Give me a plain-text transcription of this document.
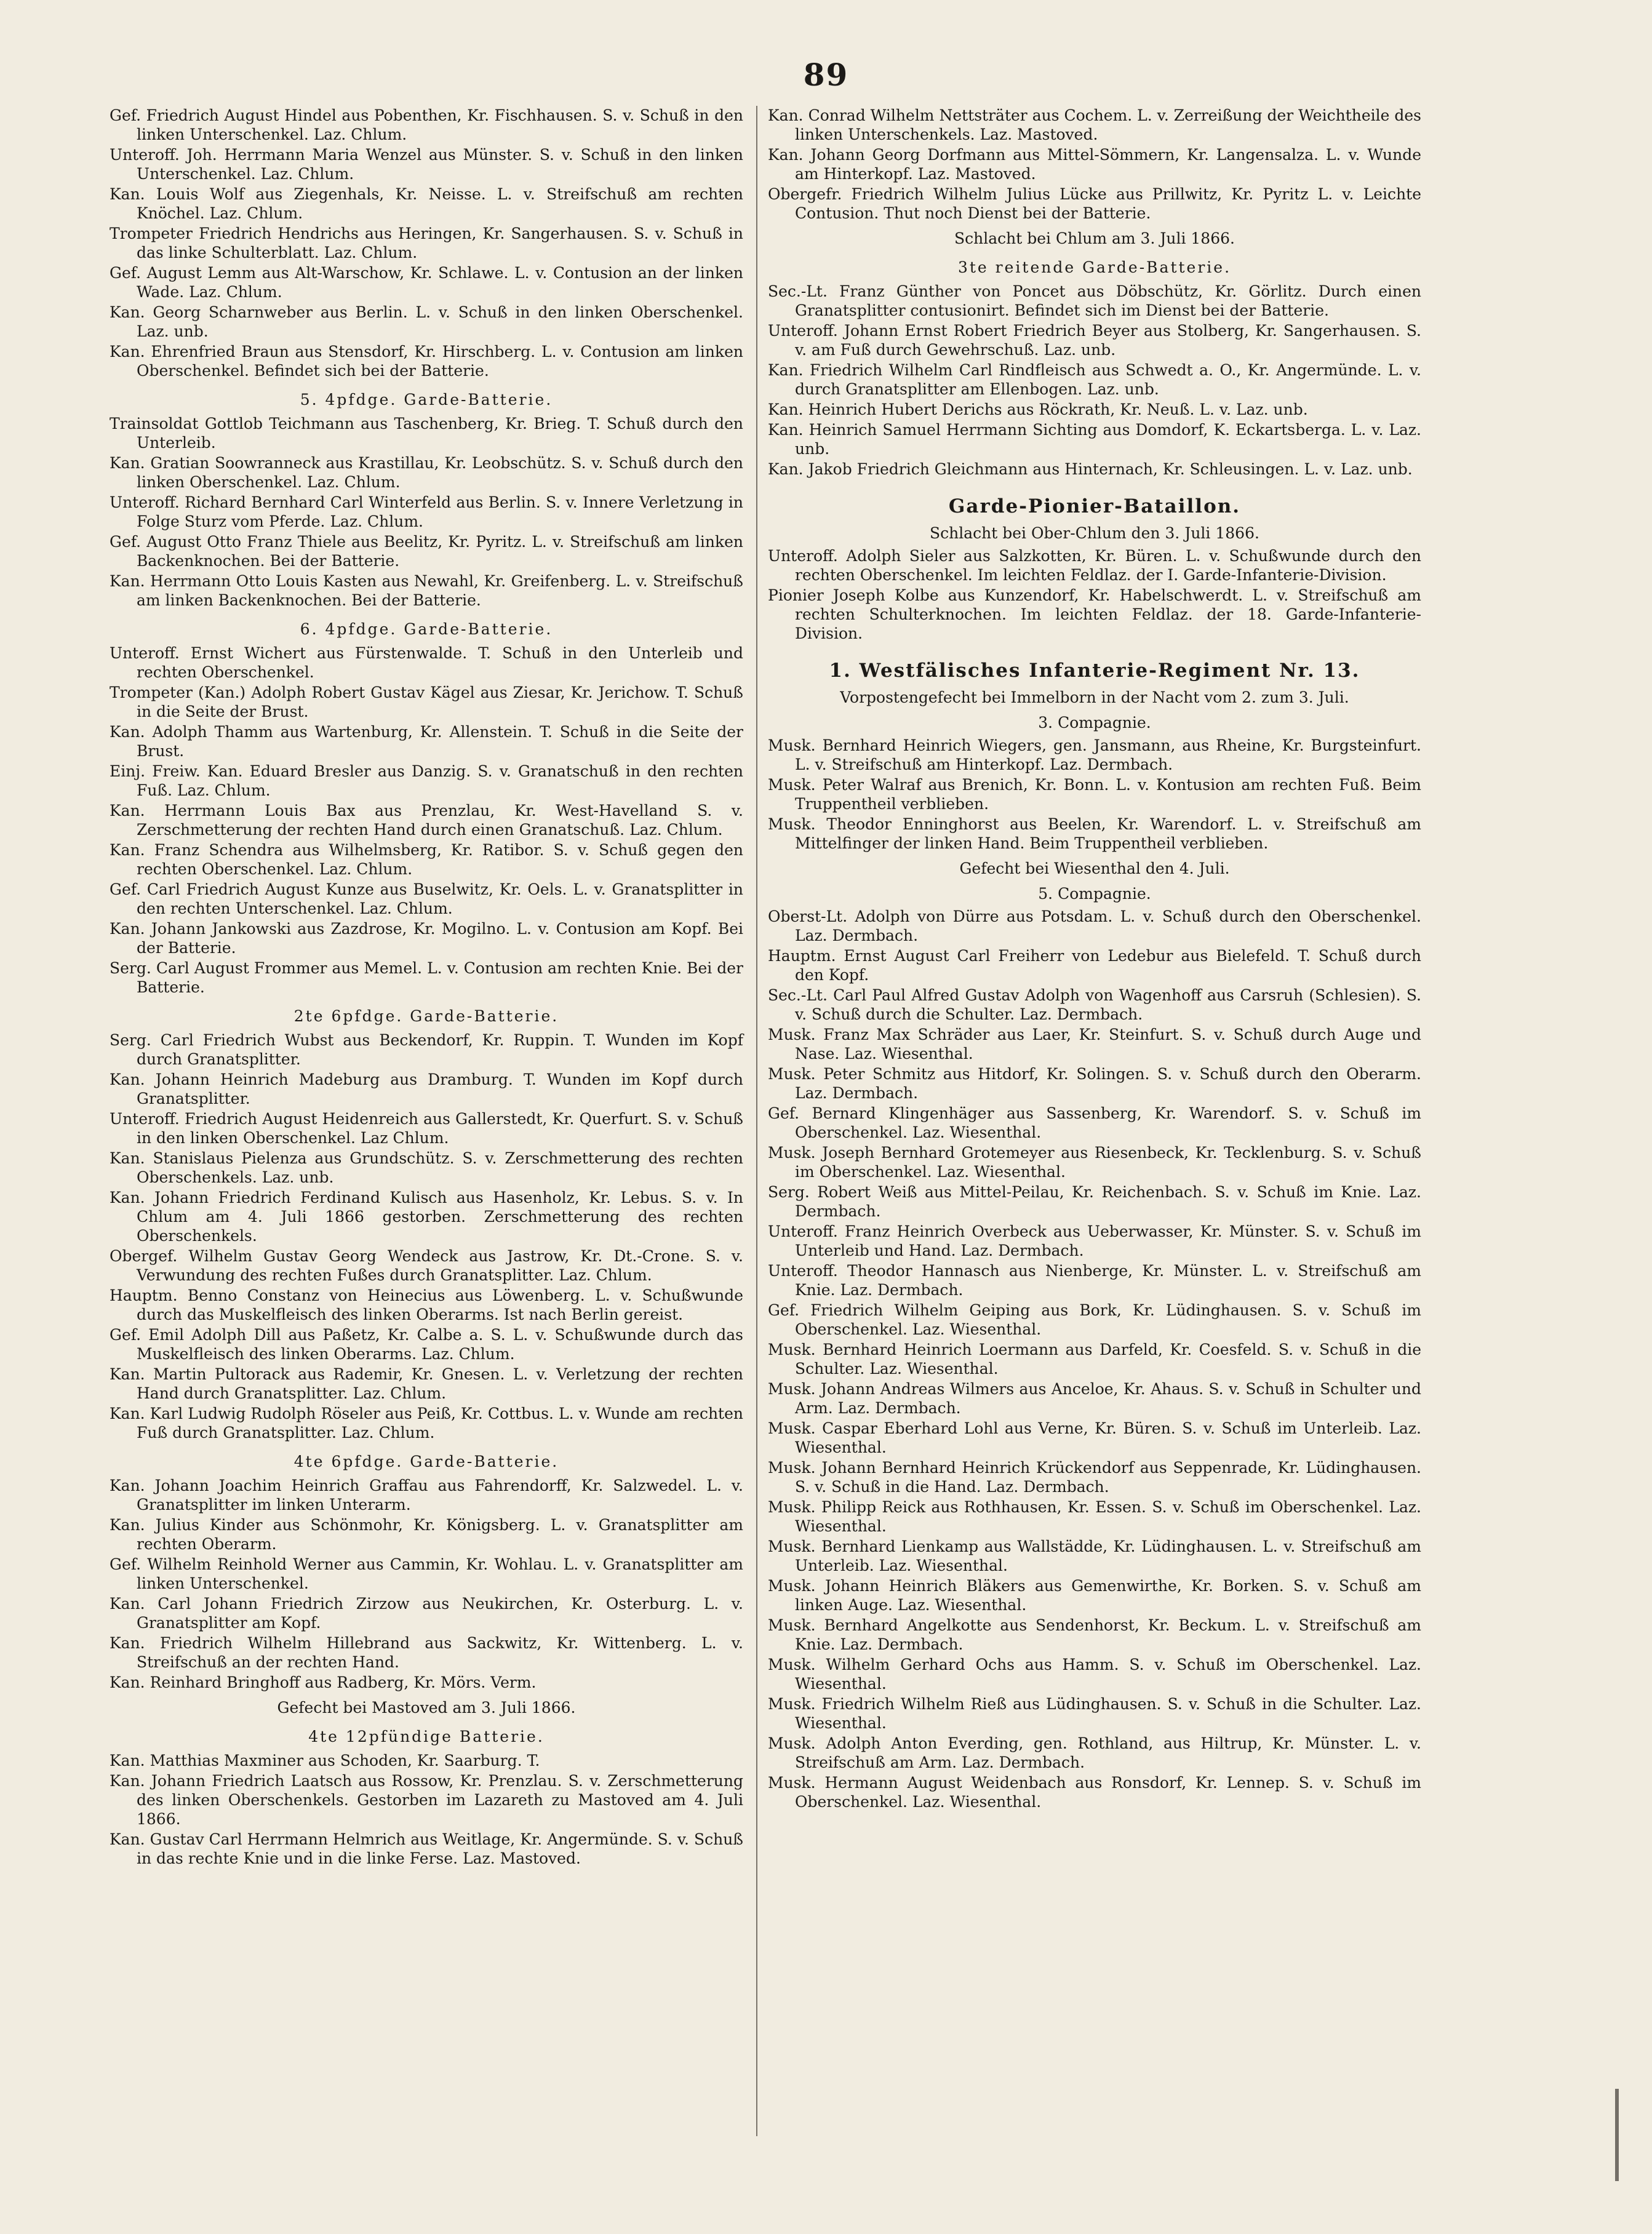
89
Gef. Friedrich August Hindel aus Pobenthen, Kr. Fischhausen. S. v. Schuß in den linken Unterschenkel. Laz. Chlum.
Unteroff. Joh. Herrmann Maria Wenzel aus Münster. S. v. Schuß in den linken Unterschenkel. Laz. Chlum.
Kan. Louis Wolf aus Ziegenhals, Kr. Neisse. L. v. Streifschuß am rechten Knöchel. Laz. Chlum.
Trompeter Friedrich Hendrichs aus Heringen, Kr. Sangerhausen. S. v. Schuß in das linke Schulterblatt. Laz. Chlum.
Gef. August Lemm aus Alt-Warschow, Kr. Schlawe. L. v. Contusion an der linken Wade. Laz. Chlum.
Kan. Georg Scharnweber aus Berlin. L. v. Schuß in den linken Oberschenkel. Laz. unb.
Kan. Ehrenfried Braun aus Stensdorf, Kr. Hirschberg. L. v. Contusion am linken Oberschenkel. Befindet sich bei der Batterie.
5. 4pfdge. Garde-Batterie.
Trainsoldat Gottlob Teichmann aus Taschenberg, Kr. Brieg. T. Schuß durch den Unterleib.
Kan. Gratian Soowranneck aus Krastillau, Kr. Leobschütz. S. v. Schuß durch den linken Oberschenkel. Laz. Chlum.
Unteroff. Richard Bernhard Carl Winterfeld aus Berlin. S. v. Innere Verletzung in Folge Sturz vom Pferde. Laz. Chlum.
Gef. August Otto Franz Thiele aus Beelitz, Kr. Pyritz. L. v. Streifschuß am linken Backenknochen. Bei der Batterie.
Kan. Herrmann Otto Louis Kasten aus Newahl, Kr. Greifenberg. L. v. Streifschuß am linken Backenknochen. Bei der Batterie.
6. 4pfdge. Garde-Batterie.
Unteroff. Ernst Wichert aus Fürstenwalde. T. Schuß in den Unterleib und rechten Oberschenkel.
Trompeter (Kan.) Adolph Robert Gustav Kägel aus Ziesar, Kr. Jerichow. T. Schuß in die Seite der Brust.
Kan. Adolph Thamm aus Wartenburg, Kr. Allenstein. T. Schuß in die Seite der Brust.
Einj. Freiw. Kan. Eduard Bresler aus Danzig. S. v. Granatschuß in den rechten Fuß. Laz. Chlum.
Kan. Herrmann Louis Bax aus Prenzlau, Kr. West-Havelland S. v. Zerschmetterung der rechten Hand durch einen Granatschuß. Laz. Chlum.
Kan. Franz Schendra aus Wilhelmsberg, Kr. Ratibor. S. v. Schuß gegen den rechten Oberschenkel. Laz. Chlum.
Gef. Carl Friedrich August Kunze aus Buselwitz, Kr. Oels. L. v. Granatsplitter in den rechten Unterschenkel. Laz. Chlum.
Kan. Johann Jankowski aus Zazdrose, Kr. Mogilno. L. v. Contusion am Kopf. Bei der Batterie.
Serg. Carl August Frommer aus Memel. L. v. Contusion am rechten Knie. Bei der Batterie.
2te 6pfdge. Garde-Batterie.
Serg. Carl Friedrich Wubst aus Beckendorf, Kr. Ruppin. T. Wunden im Kopf durch Granatsplitter.
Kan. Johann Heinrich Madeburg aus Dramburg. T. Wunden im Kopf durch Granatsplitter.
Unteroff. Friedrich August Heidenreich aus Gallerstedt, Kr. Querfurt. S. v. Schuß in den linken Oberschenkel. Laz Chlum.
Kan. Stanislaus Pielenza aus Grundschütz. S. v. Zerschmetterung des rechten Oberschenkels. Laz. unb.
Kan. Johann Friedrich Ferdinand Kulisch aus Hasenholz, Kr. Lebus. S. v. In Chlum am 4. Juli 1866 gestorben. Zerschmetterung des rechten Oberschenkels.
Obergef. Wilhelm Gustav Georg Wendeck aus Jastrow, Kr. Dt.-Crone. S. v. Verwundung des rechten Fußes durch Granatsplitter. Laz. Chlum.
Hauptm. Benno Constanz von Heinecius aus Löwenberg. L. v. Schußwunde durch das Muskelfleisch des linken Oberarms. Ist nach Berlin gereist.
Gef. Emil Adolph Dill aus Paßetz, Kr. Calbe a. S. L. v. Schußwunde durch das Muskelfleisch des linken Oberarms. Laz. Chlum.
Kan. Martin Pultorack aus Rademir, Kr. Gnesen. L. v. Verletzung der rechten Hand durch Granatsplitter. Laz. Chlum.
Kan. Karl Ludwig Rudolph Röseler aus Peiß, Kr. Cottbus. L. v. Wunde am rechten Fuß durch Granatsplitter. Laz. Chlum.
4te 6pfdge. Garde-Batterie.
Kan. Johann Joachim Heinrich Graffau aus Fahrendorff, Kr. Salzwedel. L. v. Granatsplitter im linken Unterarm.
Kan. Julius Kinder aus Schönmohr, Kr. Königsberg. L. v. Granatsplitter am rechten Oberarm.
Gef. Wilhelm Reinhold Werner aus Cammin, Kr. Wohlau. L. v. Granatsplitter am linken Unterschenkel.
Kan. Carl Johann Friedrich Zirzow aus Neukirchen, Kr. Osterburg. L. v. Granatsplitter am Kopf.
Kan. Friedrich Wilhelm Hillebrand aus Sackwitz, Kr. Wittenberg. L. v. Streifschuß an der rechten Hand.
Kan. Reinhard Bringhoff aus Radberg, Kr. Mörs. Verm.
Gefecht bei Mastoved am 3. Juli 1866.
4te 12pfündige Batterie.
Kan. Matthias Maxminer aus Schoden, Kr. Saarburg. T.
Kan. Johann Friedrich Laatsch aus Rossow, Kr. Prenzlau. S. v. Zerschmetterung des linken Oberschenkels. Gestorben im Lazareth zu Mastoved am 4. Juli 1866.
Kan. Gustav Carl Herrmann Helmrich aus Weitlage, Kr. Angermünde. S. v. Schuß in das rechte Knie und in die linke Ferse. Laz. Mastoved.
Kan. Conrad Wilhelm Nettsträter aus Cochem. L. v. Zerreißung der Weichtheile des linken Unterschenkels. Laz. Mastoved.
Kan. Johann Georg Dorfmann aus Mittel-Sömmern, Kr. Langensalza. L. v. Wunde am Hinterkopf. Laz. Mastoved.
Obergefr. Friedrich Wilhelm Julius Lücke aus Prillwitz, Kr. Pyritz L. v. Leichte Contusion. Thut noch Dienst bei der Batterie.
Schlacht bei Chlum am 3. Juli 1866.
3te reitende Garde-Batterie.
Sec.-Lt. Franz Günther von Poncet aus Döbschütz, Kr. Görlitz. Durch einen Granatsplitter contusionirt. Befindet sich im Dienst bei der Batterie.
Unteroff. Johann Ernst Robert Friedrich Beyer aus Stolberg, Kr. Sangerhausen. S. v. am Fuß durch Gewehrschuß. Laz. unb.
Kan. Friedrich Wilhelm Carl Rindfleisch aus Schwedt a. O., Kr. Angermünde. L. v. durch Granatsplitter am Ellenbogen. Laz. unb.
Kan. Heinrich Hubert Derichs aus Röckrath, Kr. Neuß. L. v. Laz. unb.
Kan. Heinrich Samuel Herrmann Sichting aus Domdorf, K. Eckartsberga. L. v. Laz. unb.
Kan. Jakob Friedrich Gleichmann aus Hinternach, Kr. Schleusingen. L. v. Laz. unb.
Garde-Pionier-Bataillon.
Schlacht bei Ober-Chlum den 3. Juli 1866.
Unteroff. Adolph Sieler aus Salzkotten, Kr. Büren. L. v. Schußwunde durch den rechten Oberschenkel. Im leichten Feldlaz. der I. Garde-Infanterie-Division.
Pionier Joseph Kolbe aus Kunzendorf, Kr. Habelschwerdt. L. v. Streifschuß am rechten Schulterknochen. Im leichten Feldlaz. der 18. Garde-Infanterie-Division.
1. Westfälisches Infanterie-Regiment Nr. 13.
Vorpostengefecht bei Immelborn in der Nacht vom 2. zum 3. Juli.
3. Compagnie.
Musk. Bernhard Heinrich Wiegers, gen. Jansmann, aus Rheine, Kr. Burgsteinfurt. L. v. Streifschuß am Hinterkopf. Laz. Dermbach.
Musk. Peter Walraf aus Brenich, Kr. Bonn. L. v. Kontusion am rechten Fuß. Beim Truppentheil verblieben.
Musk. Theodor Enninghorst aus Beelen, Kr. Warendorf. L. v. Streifschuß am Mittelfinger der linken Hand. Beim Truppentheil verblieben.
Gefecht bei Wiesenthal den 4. Juli.
5. Compagnie.
Oberst-Lt. Adolph von Dürre aus Potsdam. L. v. Schuß durch den Oberschenkel. Laz. Dermbach.
Hauptm. Ernst August Carl Freiherr von Ledebur aus Bielefeld. T. Schuß durch den Kopf.
Sec.-Lt. Carl Paul Alfred Gustav Adolph von Wagenhoff aus Carsruh (Schlesien). S. v. Schuß durch die Schulter. Laz. Dermbach.
Musk. Franz Max Schräder aus Laer, Kr. Steinfurt. S. v. Schuß durch Auge und Nase. Laz. Wiesenthal.
Musk. Peter Schmitz aus Hitdorf, Kr. Solingen. S. v. Schuß durch den Oberarm. Laz. Dermbach.
Gef. Bernard Klingenhäger aus Sassenberg, Kr. Warendorf. S. v. Schuß im Oberschenkel. Laz. Wiesenthal.
Musk. Joseph Bernhard Grotemeyer aus Riesenbeck, Kr. Tecklenburg. S. v. Schuß im Oberschenkel. Laz. Wiesenthal.
Serg. Robert Weiß aus Mittel-Peilau, Kr. Reichenbach. S. v. Schuß im Knie. Laz. Dermbach.
Unteroff. Franz Heinrich Overbeck aus Ueberwasser, Kr. Münster. S. v. Schuß im Unterleib und Hand. Laz. Dermbach.
Unteroff. Theodor Hannasch aus Nienberge, Kr. Münster. L. v. Streifschuß am Knie. Laz. Dermbach.
Gef. Friedrich Wilhelm Geiping aus Bork, Kr. Lüdinghausen. S. v. Schuß im Oberschenkel. Laz. Wiesenthal.
Musk. Bernhard Heinrich Loermann aus Darfeld, Kr. Coesfeld. S. v. Schuß in die Schulter. Laz. Wiesenthal.
Musk. Johann Andreas Wilmers aus Anceloe, Kr. Ahaus. S. v. Schuß in Schulter und Arm. Laz. Dermbach.
Musk. Caspar Eberhard Lohl aus Verne, Kr. Büren. S. v. Schuß im Unterleib. Laz. Wiesenthal.
Musk. Johann Bernhard Heinrich Krückendorf aus Seppenrade, Kr. Lüdinghausen. S. v. Schuß in die Hand. Laz. Dermbach.
Musk. Philipp Reick aus Rothhausen, Kr. Essen. S. v. Schuß im Oberschenkel. Laz. Wiesenthal.
Musk. Bernhard Lienkamp aus Wallstädde, Kr. Lüdinghausen. L. v. Streifschuß am Unterleib. Laz. Wiesenthal.
Musk. Johann Heinrich Bläkers aus Gemenwirthe, Kr. Borken. S. v. Schuß am linken Auge. Laz. Wiesenthal.
Musk. Bernhard Angelkotte aus Sendenhorst, Kr. Beckum. L. v. Streifschuß am Knie. Laz. Dermbach.
Musk. Wilhelm Gerhard Ochs aus Hamm. S. v. Schuß im Oberschenkel. Laz. Wiesenthal.
Musk. Friedrich Wilhelm Rieß aus Lüdinghausen. S. v. Schuß in die Schulter. Laz. Wiesenthal.
Musk. Adolph Anton Everding, gen. Rothland, aus Hiltrup, Kr. Münster. L. v. Streifschuß am Arm. Laz. Dermbach.
Musk. Hermann August Weidenbach aus Ronsdorf, Kr. Lennep. S. v. Schuß im Oberschenkel. Laz. Wiesenthal.
